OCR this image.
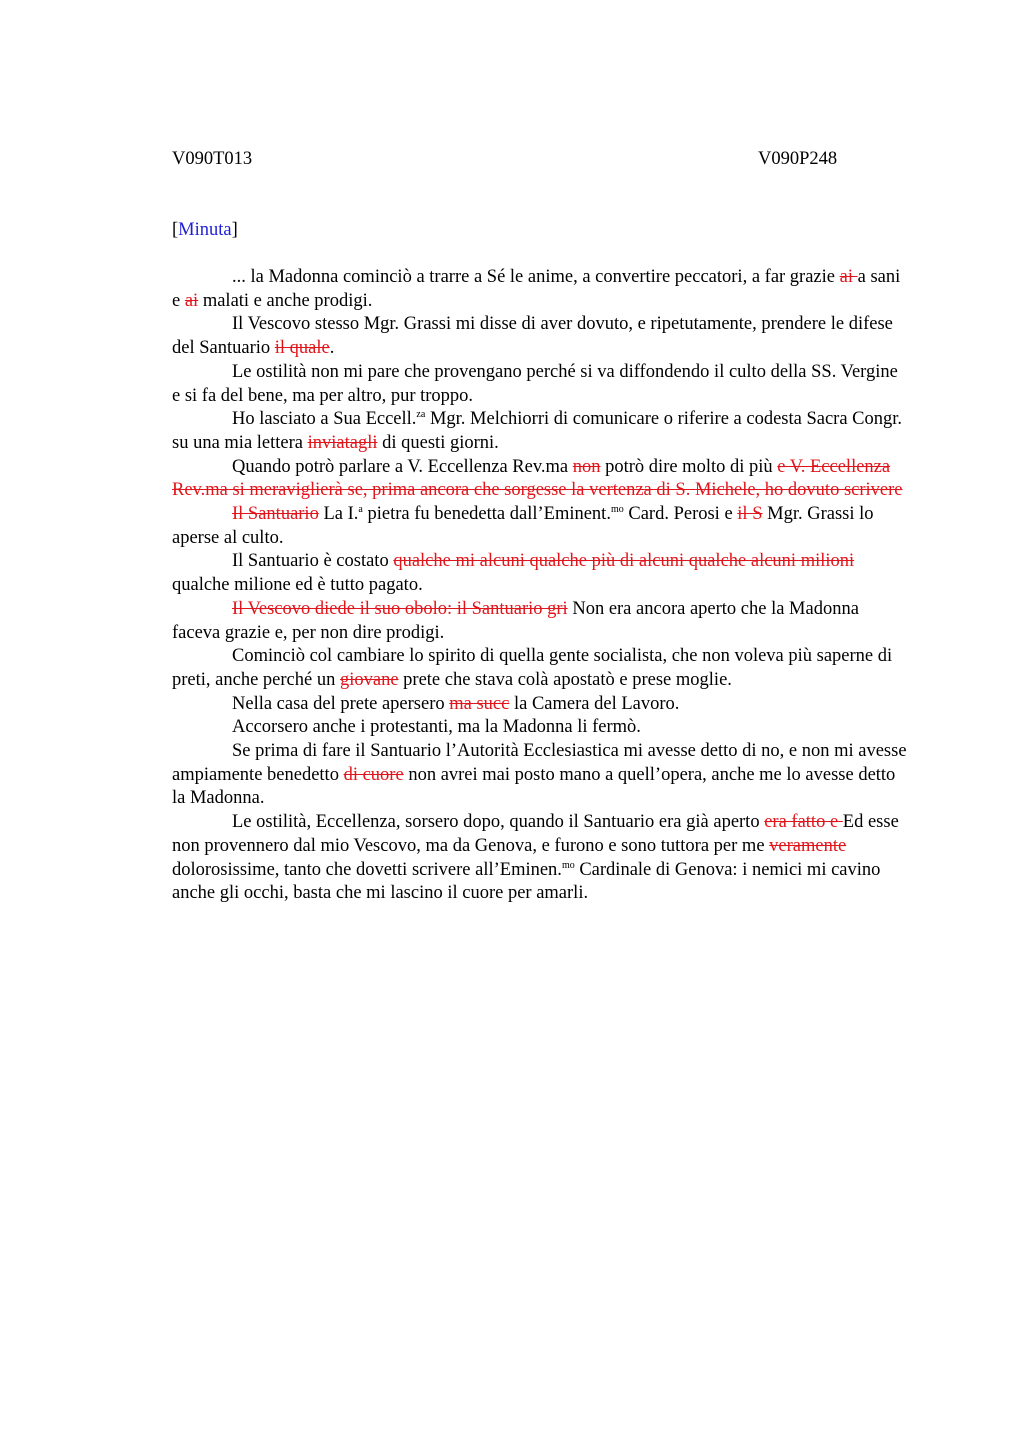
V090T013	V090P248
[Minuta]

... la Madonna cominciò a trarre a Sé le anime, a convertire peccatori, a far grazie ai a sani e ai malati e anche prodigi.

Il Vescovo stesso Mgr. Grassi mi disse di aver dovuto, e ripetutamente, prendere le difese del Santuario il quale.

Le ostilità non mi pare che provengano perché si va diffondendo il culto della SS. Vergine e si fa del bene, ma per altro, pur troppo.

Ho lasciato a Sua Eccell.$^{za}$ Mgr. Melchiorri di comunicare o riferire a codesta Sacra Congr. su una mia lettera inviatagli di questi giorni.

Quando potrò parlare a V. Eccellenza Rev.ma non potrò dire molto di più e V. Eccellenza Rev.ma si meraviglierà se, prima ancora che sorgesse la vertenza di S. Michele, ho dovuto scrivere

Il Santuario La I.$^a$ pietra fu benedetta dall’Eminent.$^{mo}$ Card. Perosi e il S Mgr. Grassi lo aperse al culto.

Il Santuario è costato qualche mi alcuni qualche più di alcuni qualche alcuni milioni qualche milione ed è tutto pagato.

Il Vescovo diede il suo obolo: il Santuario gri Non era ancora aperto che la Madonna faceva grazie e, per non dire prodigi.

Cominciò col cambiare lo spirito di quella gente socialista, che non voleva più saperne di preti, anche perché un giovane prete che stava colà apostatò e prese moglie.

Nella casa del prete apersero ma succ la Camera del Lavoro.

Accorsero anche i protestanti, ma la Madonna li fermò.

Se prima di fare il Santuario l’Autorità Ecclesiastica mi avesse detto di no, e non mi avesse ampiamente benedetto di cuore non avrei mai posto mano a quell’opera, anche me lo avesse detto la Madonna.

Le ostilità, Eccellenza, sorsero dopo, quando il Santuario era già aperto era fatto e Ed esse non provennero dal mio Vescovo, ma da Genova, e furono e sono tuttora per me veramente dolorosissime, tanto che dovetti scrivere all’Eminen.$^{mo}$ Cardinale di Genova: i nemici mi cavino anche gli occhi, basta che mi lascino il cuore per amarli.
